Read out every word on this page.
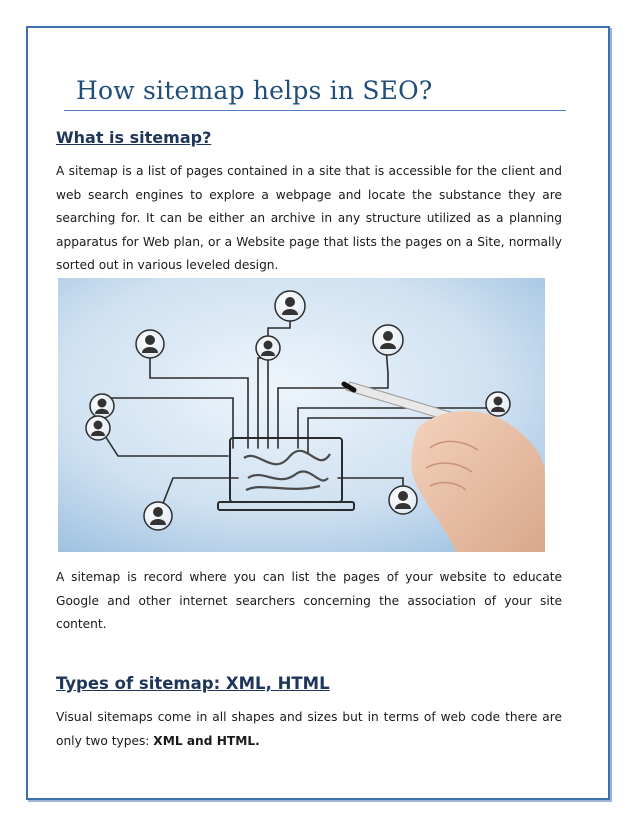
How sitemap helps in SEO?
What is sitemap?

A sitemap is a list of pages contained in a site that is accessible for the client and web search engines to explore a webpage and locate the substance they are searching for. It can be either an archive in any structure utilized as a planning apparatus for Web plan, or a Website page that lists the pages on a Site, normally sorted out in various leveled design.

A sitemap is record where you can list the pages of your website to educate Google and other internet searchers concerning the association of your site content.

Types of sitemap: XML, HTML

Visual sitemaps come in all shapes and sizes but in terms of web code there are only two types: XML and HTML.
